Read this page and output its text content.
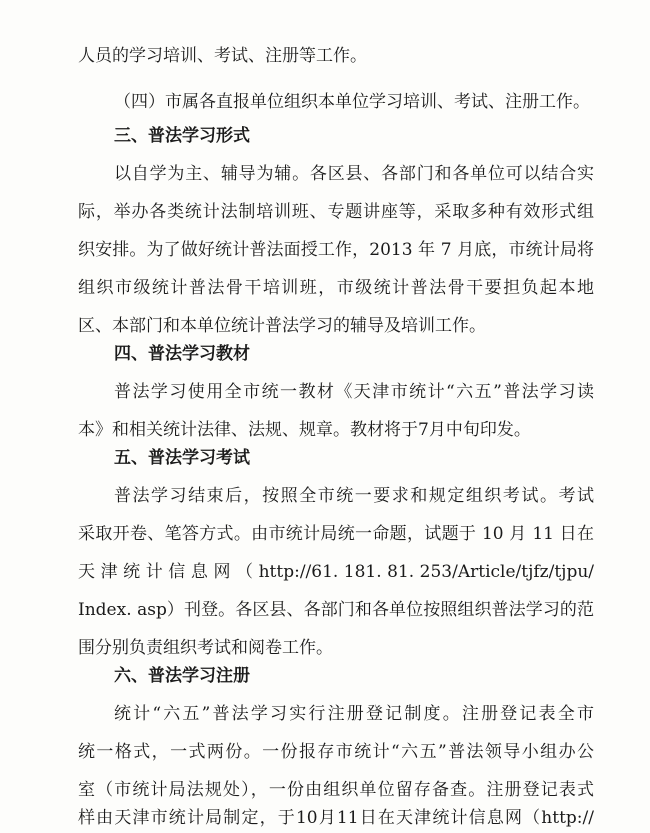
人员的学习培训、考试、注册等工作。
（四）市属各直报单位组织本单位学习培训、考试、注册工作。
三、普法学习形式
以自学为主、辅导为辅。各区县、各部门和各单位可以结合实
际，举办各类统计法制培训班、专题讲座等，采取多种有效形式组
织安排。为了做好统计普法面授工作，2013 年 7 月底，市统计局将
组织市级统计普法骨干培训班，市级统计普法骨干要担负起本地
区、本部门和本单位统计普法学习的辅导及培训工作。
四、普法学习教材
普法学习使用全市统一教材《天津市统计“六五”普法学习读
本》和相关统计法律、法规、规章。教材将于7月中旬印发。
五、普法学习考试
普法学习结束后，按照全市统一要求和规定组织考试。考试
采取开卷、笔答方式。由市统计局统一命题，试题于 10 月 11 日在
天 津 统 计 信 息 网 （ http://61. 181. 81. 253/Article/tjfz/tjpu/
Index. asp）刊登。各区县、各部门和各单位按照组织普法学习的范
围分别负责组织考试和阅卷工作。
六、普法学习注册
统计“六五”普法学习实行注册登记制度。注册登记表全市
统一格式，一式两份。一份报存市统计“六五”普法领导小组办公
室（市统计局法规处），一份由组织单位留存备查。注册登记表式
样由天津市统计局制定，于10月11日在天津统计信息网（http://
